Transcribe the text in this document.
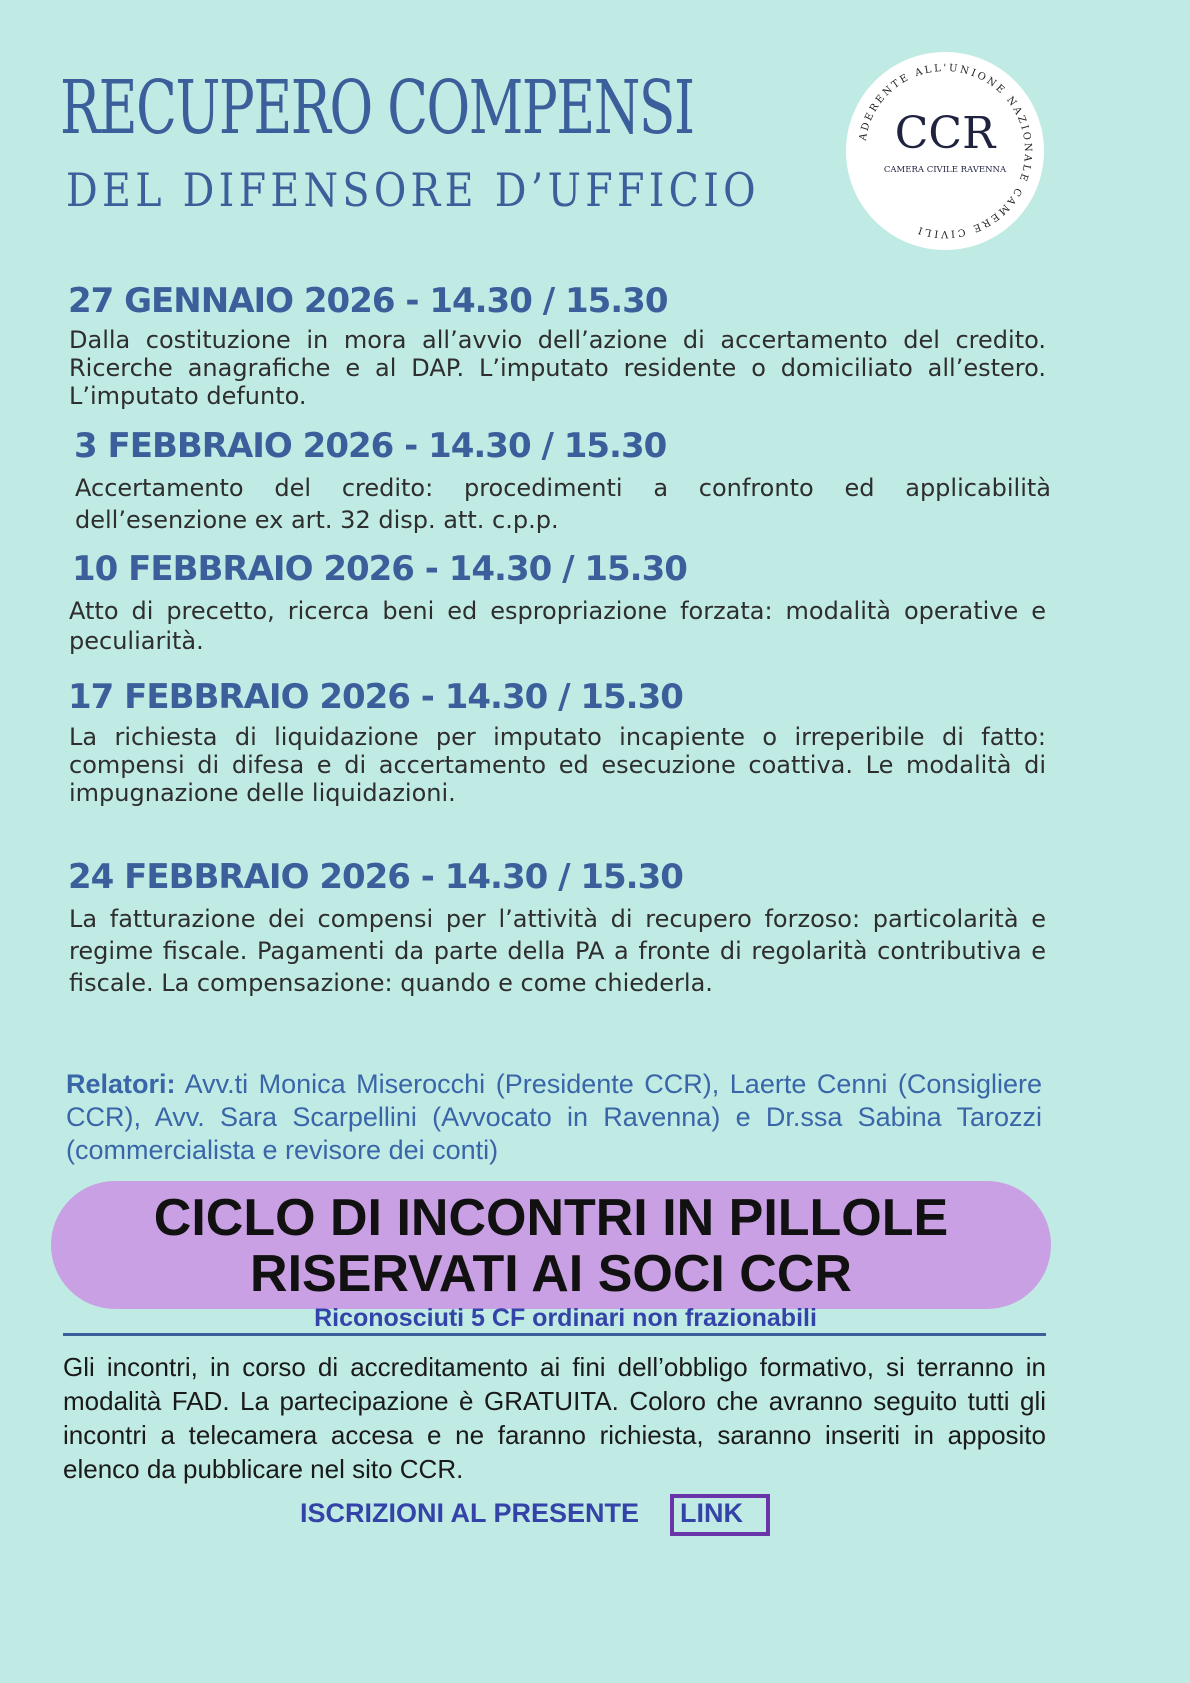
RECUPERO COMPENSI
DEL DIFENSORE D’UFFICIO
ADERENTE ALL'UNIONE NAZIONALE CAMERE CIVILI
CCR
CAMERA CIVILE RAVENNA
27 GENNAIO 2026 - 14.30 / 15.30
Dalla costituzione in mora all’avvio dell’azione di accertamento del credito. Ricerche anagrafiche e al DAP. L’imputato residente o domiciliato all’estero. L’imputato defunto.
3 FEBBRAIO 2026 - 14.30 / 15.30
Accertamento del credito: procedimenti a confronto ed applicabilità dell’esenzione ex art. 32 disp. att. c.p.p.
10 FEBBRAIO 2026 - 14.30 / 15.30
Atto di precetto, ricerca beni ed espropriazione forzata: modalità operative e peculiarità.
17 FEBBRAIO 2026 - 14.30 / 15.30
La richiesta di liquidazione per imputato incapiente o irreperibile di fatto: compensi di difesa e di accertamento ed esecuzione coattiva. Le modalità di impugnazione delle liquidazioni.
24 FEBBRAIO 2026 - 14.30 / 15.30
La fatturazione dei compensi per l’attività di recupero forzoso: particolarità e regime fiscale. Pagamenti da parte della PA a fronte di regolarità contributiva e fiscale. La compensazione: quando e come chiederla.
Relatori: Avv.ti Monica Miserocchi (Presidente CCR), Laerte Cenni (Consigliere CCR), Avv. Sara Scarpellini (Avvocato in Ravenna) e Dr.ssa Sabina Tarozzi (commercialista e revisore dei conti)
CICLO DI INCONTRI IN PILLOLE
RISERVATI AI SOCI CCR
Riconosciuti 5 CF ordinari non frazionabili
Gli incontri, in corso di accreditamento ai fini dell’obbligo formativo, si terranno in modalità FAD. La partecipazione è GRATUITA. Coloro che avranno seguito tutti gli incontri a telecamera accesa e ne faranno richiesta, saranno inseriti in apposito elenco da pubblicare nel sito CCR.
ISCRIZIONI AL PRESENTE LINK
